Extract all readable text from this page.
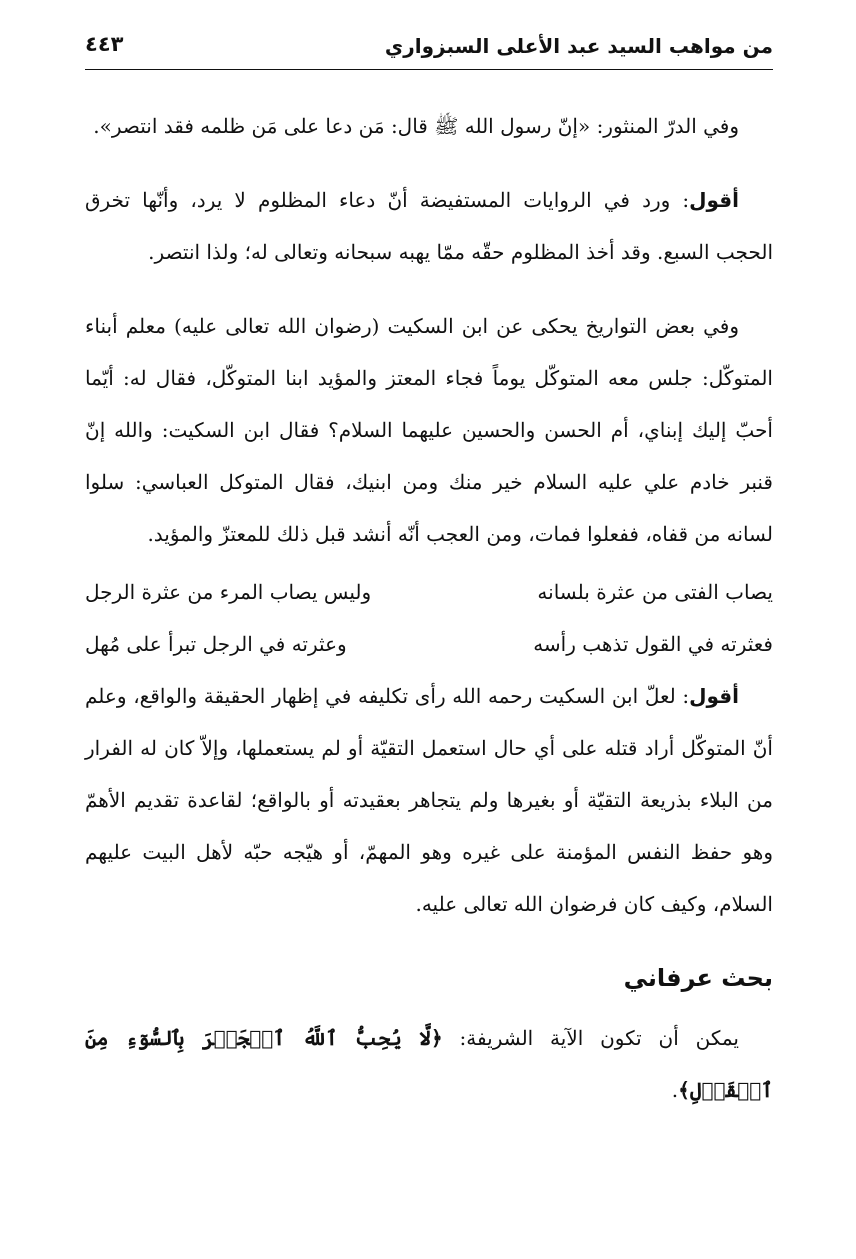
من مواهب السيد عبد الأعلى السبزواري
٤٤٣

وفي الدرّ المنثور: «إنّ رسول الله ﷺ قال: مَن دعا على مَن ظلمه فقد انتصر».

أقول: ورد في الروايات المستفيضة أنّ دعاء المظلوم لا يرد، وأنّها تخرق الحجب السبع. وقد أخذ المظلوم حقّه ممّا يهبه سبحانه وتعالى له؛ ولذا انتصر.

وفي بعض التواريخ يحكى عن ابن السكيت (رضوان الله تعالى عليه) معلم أبناء المتوكّل: جلس معه المتوكّل يوماً فجاء المعتز والمؤيد ابنا المتوكّل، فقال له: أيّما أحبّ إليك إبناي، أم الحسن والحسين عليهما السلام؟ فقال ابن السكيت: والله إنّ قنبر خادم علي عليه السلام خير منك ومن ابنيك، فقال المتوكل العباسي: سلوا لسانه من قفاه، ففعلوا فمات، ومن العجب أنّه أنشد قبل ذلك للمعتزّ والمؤيد.

يصاب الفتى من عثرة بلسانه
وليس يصاب المرء من عثرة الرجل
فعثرته في القول تذهب رأسه
وعثرته في الرجل تبرأ على مُهل

أقول: لعلّ ابن السكيت رحمه الله رأى تكليفه في إظهار الحقيقة والواقع، وعلم أنّ المتوكّل أراد قتله على أي حال استعمل التقيّة أو لم يستعملها، وإلاّ كان له الفرار من البلاء بذريعة التقيّة أو بغيرها ولم يتجاهر بعقيدته أو بالواقع؛ لقاعدة تقديم الأهمّ وهو حفظ النفس المؤمنة على غيره وهو المهمّ، أو هيّجه حبّه لأهل البيت عليهم السلام، وكيف كان فرضوان الله تعالى عليه.

بحث عرفاني

يمكن أن تكون الآية الشريفة: ﴿لَّا يُحِبُّ ٱللَّهُ ٱلۡجَهۡرَ بِٱلسُّوٓءِ مِنَ ٱلۡقَوۡلِ﴾.
